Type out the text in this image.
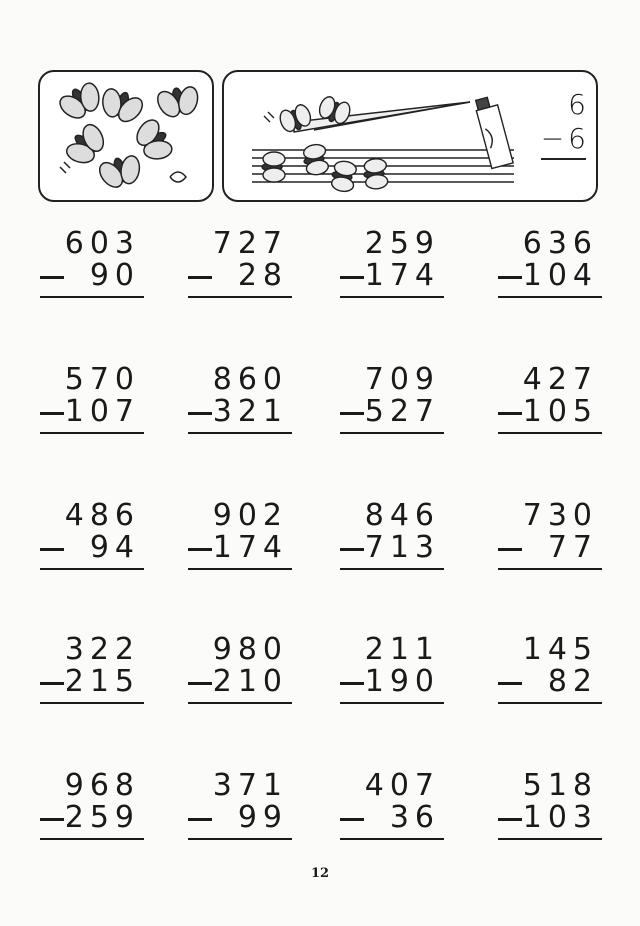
6
− 6
603
90
727
28
259
174
636
104
570
107
860
321
709
527
427
105
486
94
902
174
846
713
730
77
322
215
980
210
211
190
145
82
968
259
371
99
407
36
518
103
12
